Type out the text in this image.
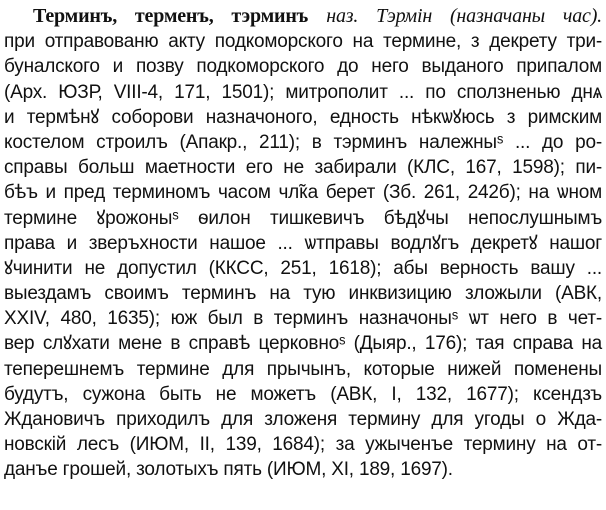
Терминъ, терменъ, тэрминъ наз. Тэрмін (назначаны час).
при отправованю акту подкоморского на термине, з декрету три-
буналского и позву подкоморского до него выданого припалом
(Арх. ЮЗР, VIII-4, 171, 1501); митрополит ... по сползненью днѧ
и термѣнꙋ соборови назначоного, едность нѣкѡꙋюсь з римским
костелом строилъ (Апакр., 211); в тэрминъ належныˢ ... до ро-
справы больш маетности его не забирали (КЛС, 167, 1598); пи-
бѣъ и пред терминомъ часом чл̃ка берет (Зб. 261, 242б); на ѡном
термине ꙋрожоныˢ ѳилон тишкевичъ бѣдꙋчы непослушнымъ
права и зверъхности нашое ... ѡтправы водлꙋгъ декретꙋ нашог
ꙋчинити не допустил (ККСС, 251, 1618); абы верность вашу ...
выездамъ своимъ терминъ на тую инквизицию зложыли (АВК,
XXIV, 480, 1635); юж был в терминъ назначоныˢ ѡт него в чет-
вер слꙋхати мене в справѣ церковноˢ (Дыяр., 176); тая справа на
теперешнемъ термине для прычынъ, которые нижей поменены
будутъ, сужона быть не можетъ (АВК, I, 132, 1677); ксендзъ
Ждановичъ приходилъ для зложеня термину для угоды о Жда-
новскій лесъ (ИЮМ, II, 139, 1684); за ужыченъе термину на от-
данъе грошей, золотыхъ пять (ИЮМ, XI, 189, 1697).
